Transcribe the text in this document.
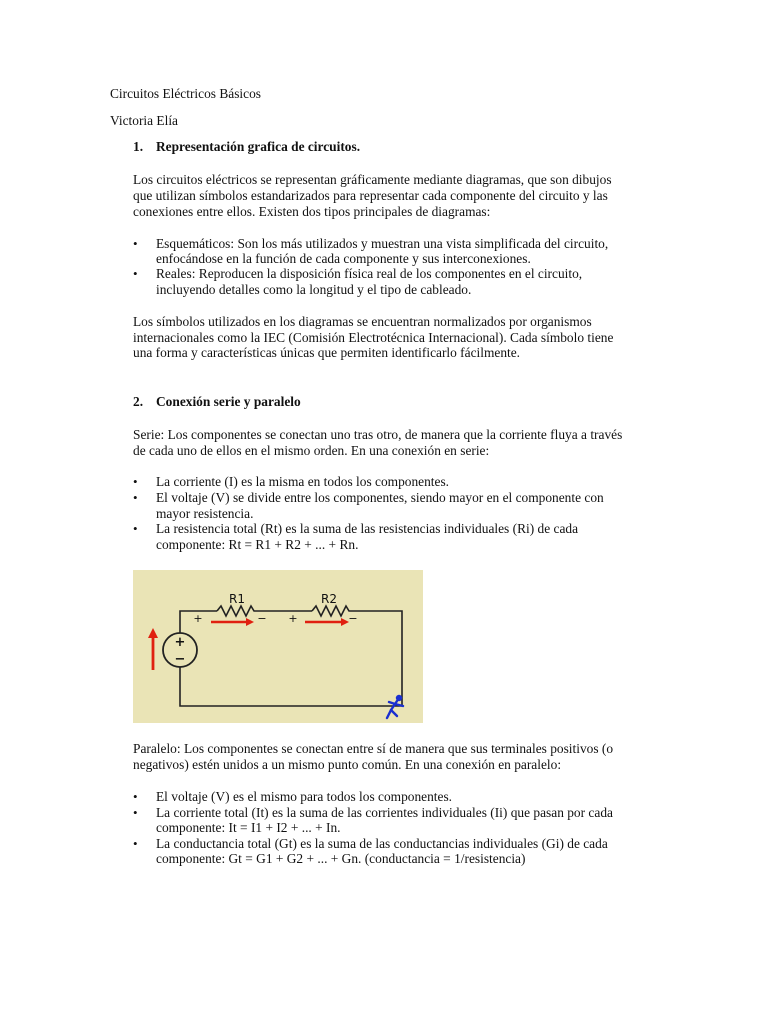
Circuitos Eléctricos Básicos
Victoria Elía
1. Representación grafica de circuitos.
Los circuitos eléctricos se representan gráficamente mediante diagramas, que son dibujos
que utilizan símbolos estandarizados para representar cada componente del circuito y las
conexiones entre ellos. Existen dos tipos principales de diagramas:
• Esquemáticos: Son los más utilizados y muestran una vista simplificada del circuito,
enfocándose en la función de cada componente y sus interconexiones.
• Reales: Reproducen la disposición física real de los componentes en el circuito,
incluyendo detalles como la longitud y el tipo de cableado.
Los símbolos utilizados en los diagramas se encuentran normalizados por organismos
internacionales como la IEC (Comisión Electrotécnica Internacional). Cada símbolo tiene
una forma y características únicas que permiten identificarlo fácilmente.
2. Conexión serie y paralelo
Serie: Los componentes se conectan uno tras otro, de manera que la corriente fluya a través
de cada uno de ellos en el mismo orden. En una conexión en serie:
• La corriente (I) es la misma en todos los componentes.
• El voltaje (V) se divide entre los componentes, siendo mayor en el componente con
mayor resistencia.
• La resistencia total (Rt) es la suma de las resistencias individuales (Ri) de cada
componente: Rt = R1 + R2 + ... + Rn.
R1	R2
+	− +	−
+
−
Paralelo: Los componentes se conectan entre sí de manera que sus terminales positivos (o
negativos) estén unidos a un mismo punto común. En una conexión en paralelo:
• El voltaje (V) es el mismo para todos los componentes.
• La corriente total (It) es la suma de las corrientes individuales (Ii) que pasan por cada
componente: It = I1 + I2 + ... + In.
• La conductancia total (Gt) es la suma de las conductancias individuales (Gi) de cada
componente: Gt = G1 + G2 + ... + Gn. (conductancia = 1/resistencia)
